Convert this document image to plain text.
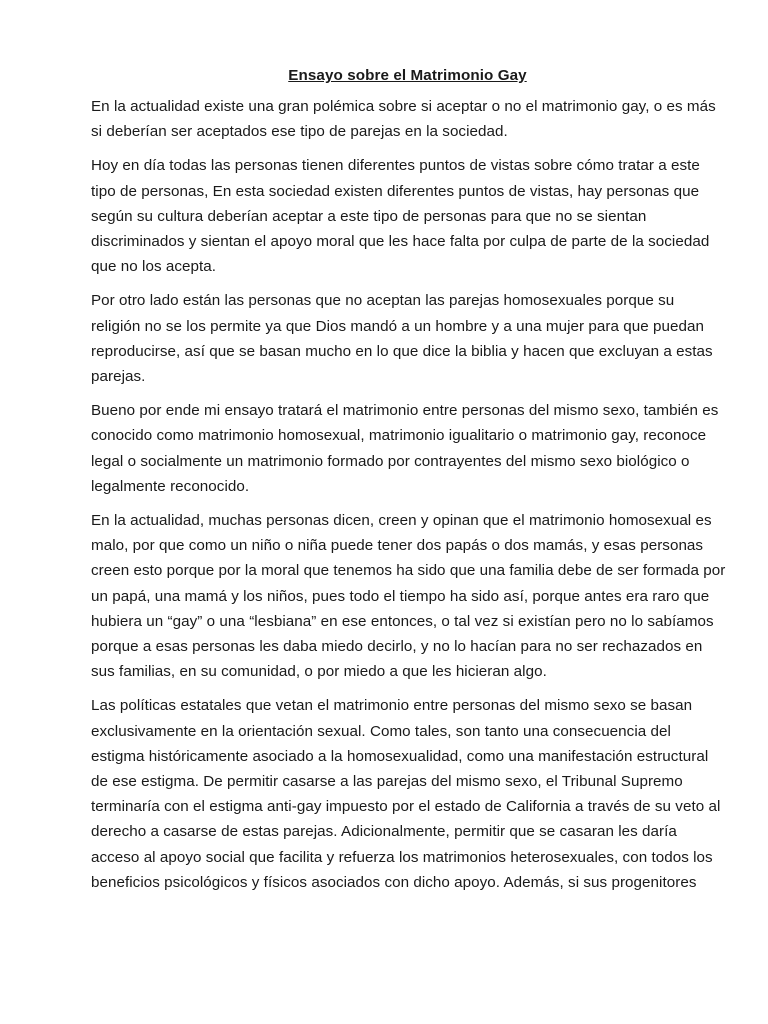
Ensayo sobre el Matrimonio Gay

En la actualidad existe una gran polémica sobre si aceptar o no el matrimonio gay, o es más si deberían ser aceptados ese tipo de parejas en la sociedad.

Hoy en día todas las personas tienen diferentes puntos de vistas sobre cómo tratar a este tipo de personas, En esta sociedad existen diferentes puntos de vistas, hay personas que según su cultura deberían aceptar a este tipo de personas para que no se sientan discriminados y sientan el apoyo moral que les hace falta por culpa de parte de la sociedad que no los acepta.

Por otro lado están las personas que no aceptan las parejas homosexuales porque su religión no se los permite ya que Dios mandó a un hombre y a una mujer para que puedan reproducirse, así que se basan mucho en lo que dice la biblia y hacen que excluyan a estas parejas.

Bueno por ende mi ensayo tratará el matrimonio entre personas del mismo sexo, también es conocido como matrimonio homosexual, matrimonio igualitario o matrimonio gay, reconoce legal o socialmente un matrimonio formado por contrayentes del mismo sexo biológico o legalmente reconocido.

En la actualidad, muchas personas dicen, creen y opinan que el matrimonio homosexual es malo, por que como un niño o niña puede tener dos papás o dos mamás, y esas personas creen esto porque por la moral que tenemos ha sido que una familia debe de ser formada por un papá, una mamá y los niños, pues todo el tiempo ha sido así, porque antes era raro que hubiera un “gay” o una “lesbiana” en ese entonces, o tal vez si existían pero no lo sabíamos porque a esas personas les daba miedo decirlo, y no lo hacían para no ser rechazados en sus familias, en su comunidad, o por miedo a que les hicieran algo.

Las políticas estatales que vetan el matrimonio entre personas del mismo sexo se basan exclusivamente en la orientación sexual. Como tales, son tanto una consecuencia del estigma históricamente asociado a la homosexualidad, como una manifestación estructural de ese estigma. De permitir casarse a las parejas del mismo sexo, el Tribunal Supremo terminaría con el estigma anti-gay impuesto por el estado de California a través de su veto al derecho a casarse de estas parejas. Adicionalmente, permitir que se casaran les daría acceso al apoyo social que facilita y refuerza los matrimonios heterosexuales, con todos los beneficios psicológicos y físicos asociados con dicho apoyo. Además, si sus progenitores
